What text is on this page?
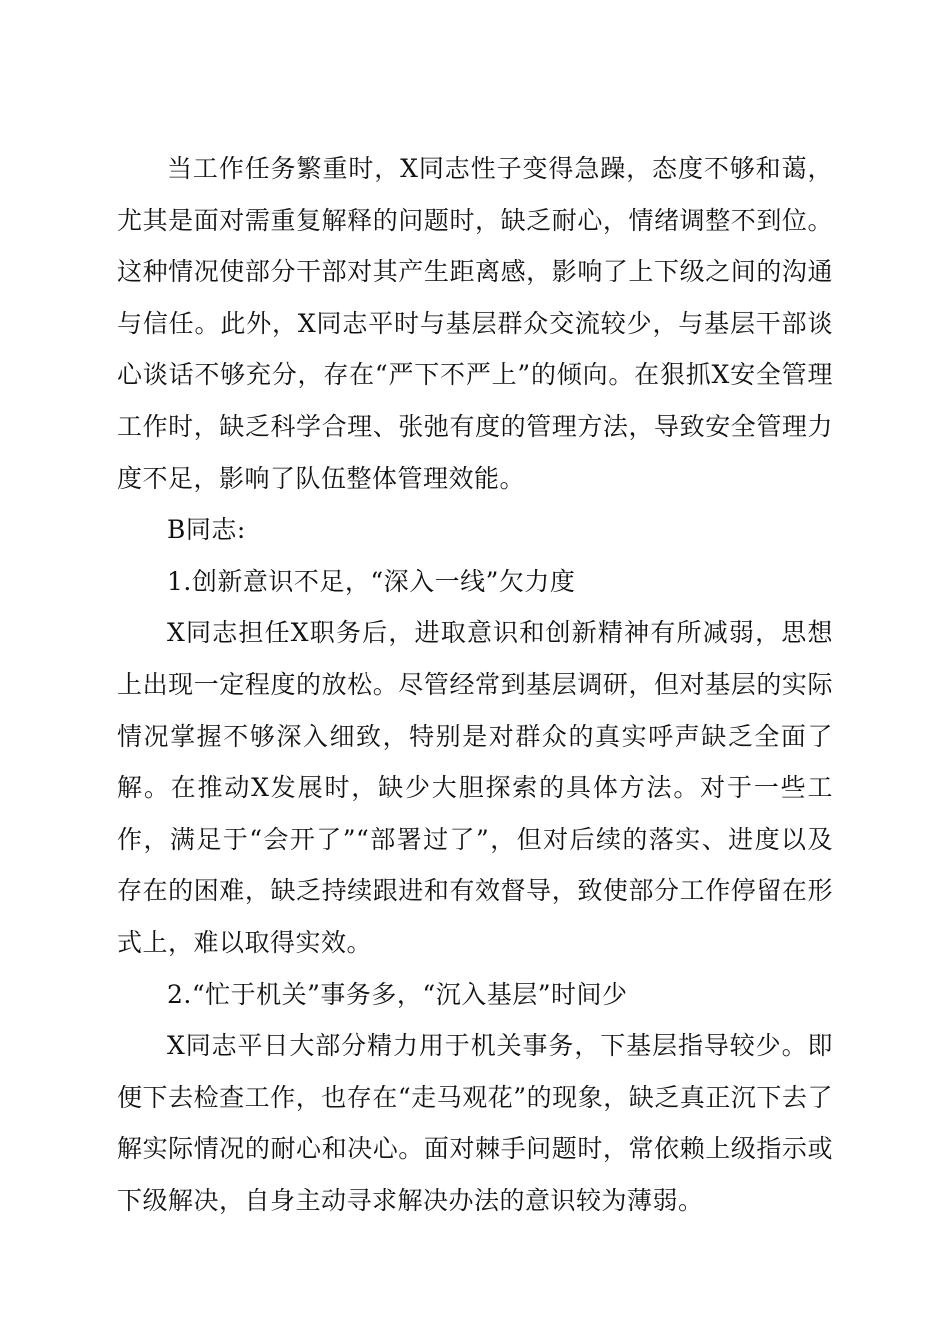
当工作任务繁重时，X同志性子变得急躁，态度不够和蔼，尤其是面对需重复解释的问题时，缺乏耐心，情绪调整不到位。这种情况使部分干部对其产生距离感，影响了上下级之间的沟通与信任。此外，X同志平时与基层群众交流较少，与基层干部谈心谈话不够充分，存在“严下不严上”的倾向。在狠抓X安全管理工作时，缺乏科学合理、张弛有度的管理方法，导致安全管理力度不足，影响了队伍整体管理效能。

B同志:

1.创新意识不足，“深入一线”欠力度

X同志担任X职务后，进取意识和创新精神有所减弱，思想上出现一定程度的放松。尽管经常到基层调研，但对基层的实际情况掌握不够深入细致，特别是对群众的真实呼声缺乏全面了解。在推动X发展时，缺少大胆探索的具体方法。对于一些工作，满足于“会开了”“部署过了”，但对后续的落实、进度以及存在的困难，缺乏持续跟进和有效督导，致使部分工作停留在形式上，难以取得实效。

2.“忙于机关”事务多，“沉入基层”时间少

X同志平日大部分精力用于机关事务，下基层指导较少。即便下去检查工作，也存在“走马观花”的现象，缺乏真正沉下去了解实际情况的耐心和决心。面对棘手问题时，常依赖上级指示或下级解决，自身主动寻求解决办法的意识较为薄弱。
